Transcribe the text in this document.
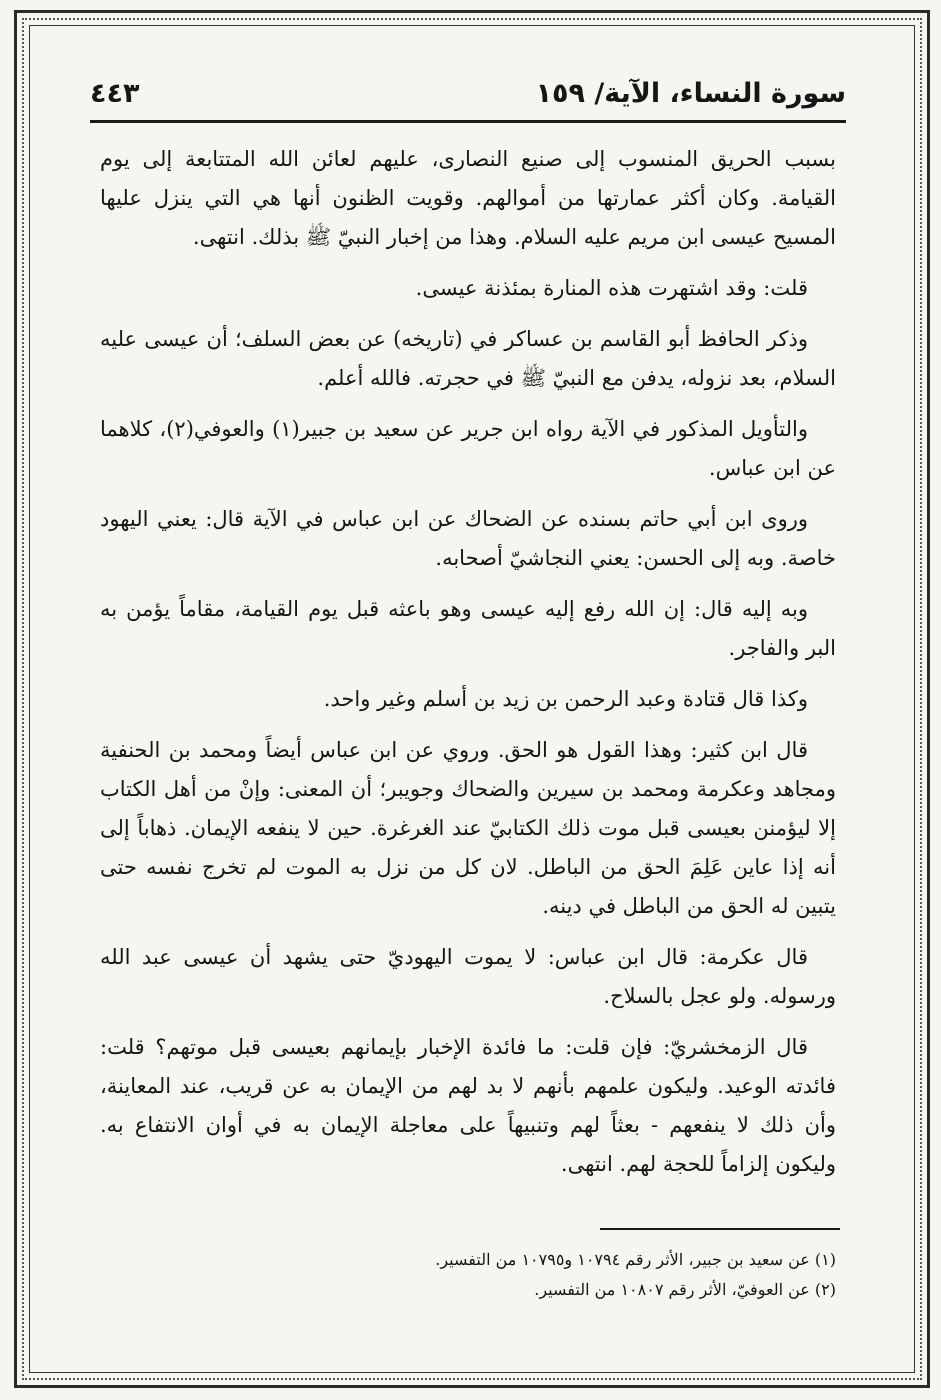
سورة النساء، الآية/ ١٥٩
٤٤٣

بسبب الحريق المنسوب إلى صنيع النصارى، عليهم لعائن الله المتتابعة إلى يوم القيامة. وكان أكثر عمارتها من أموالهم. وقويت الظنون أنها هي التي ينزل عليها المسيح عيسى ابن مريم عليه السلام. وهذا من إخبار النبيّ ﷺ بذلك. انتهى.

قلت: وقد اشتهرت هذه المنارة بمئذنة عيسى.

وذكر الحافظ أبو القاسم بن عساكر في (تاريخه) عن بعض السلف؛ أن عيسى عليه السلام، بعد نزوله، يدفن مع النبيّ ﷺ في حجرته. فالله أعلم.

والتأويل المذكور في الآية رواه ابن جرير عن سعيد بن جبير(١) والعوفي(٢)، كلاهما عن ابن عباس.

وروى ابن أبي حاتم بسنده عن الضحاك عن ابن عباس في الآية قال: يعني اليهود خاصة. وبه إلى الحسن: يعني النجاشيّ أصحابه.

وبه إليه قال: إن الله رفع إليه عيسى وهو باعثه قبل يوم القيامة، مقاماً يؤمن به البر والفاجر.

وكذا قال قتادة وعبد الرحمن بن زيد بن أسلم وغير واحد.

قال ابن كثير: وهذا القول هو الحق. وروي عن ابن عباس أيضاً ومحمد بن الحنفية ومجاهد وعكرمة ومحمد بن سيرين والضحاك وجويبر؛ أن المعنى: وإنْ من أهل الكتاب إلا ليؤمنن بعيسى قبل موت ذلك الكتابيّ عند الغرغرة. حين لا ينفعه الإيمان. ذهاباً إلى أنه إذا عاين عَلِمَ الحق من الباطل. لان كل من نزل به الموت لم تخرج نفسه حتى يتبين له الحق من الباطل في دينه.

قال عكرمة: قال ابن عباس: لا يموت اليهوديّ حتى يشهد أن عيسى عبد الله ورسوله. ولو عجل بالسلاح.

قال الزمخشريّ: فإن قلت: ما فائدة الإخبار بإيمانهم بعيسى قبل موتهم؟ قلت: فائدته الوعيد. وليكون علمهم بأنهم لا بد لهم من الإيمان به عن قريب، عند المعاينة، وأن ذلك لا ينفعهم - بعثاً لهم وتنبيهاً على معاجلة الإيمان به في أوان الانتفاع به. وليكون إلزاماً للحجة لهم. انتهى.

(١) عن سعيد بن جبير، الأثر رقم ١٠٧٩٤ و١٠٧٩٥ من التفسير.

(٢) عن العوفيّ، الأثر رقم ١٠٨٠٧ من التفسير.
